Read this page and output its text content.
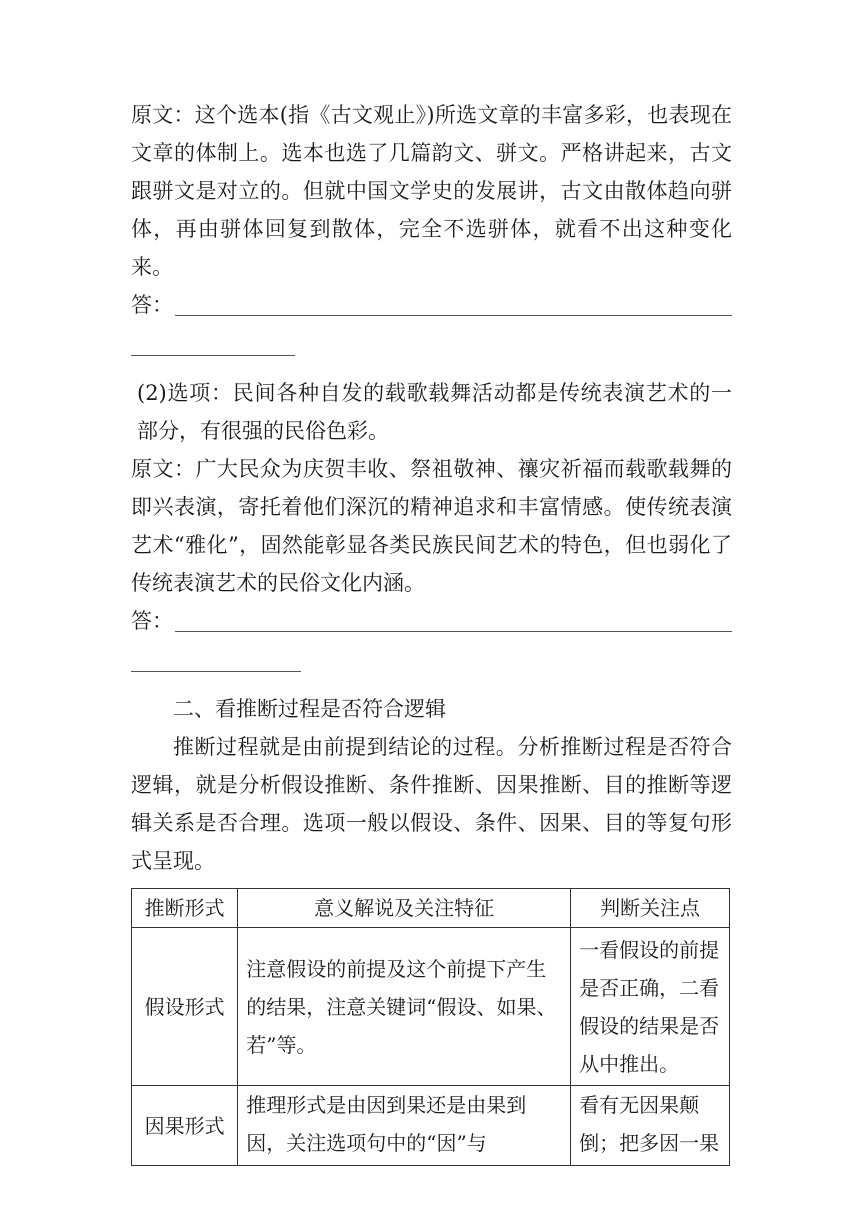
原文：这个选本(指《古文观止》)所选文章的丰富多彩，也表现在文章的体制上。选本也选了几篇韵文、骈文。严格讲起来，古文跟骈文是对立的。但就中国文学史的发展讲，古文由散体趋向骈体，再由骈体回复到散体，完全不选骈体，就看不出这种变化来。

答：

(2)选项：民间各种自发的载歌载舞活动都是传统表演艺术的一部分，有很强的民俗色彩。

原文：广大民众为庆贺丰收、祭祖敬神、禳灾祈福而载歌载舞的即兴表演，寄托着他们深沉的精神追求和丰富情感。使传统表演艺术“雅化”，固然能彰显各类民族民间艺术的特色，但也弱化了传统表演艺术的民俗文化内涵。

答：

二、看推断过程是否符合逻辑

推断过程就是由前提到结论的过程。分析推断过程是否符合逻辑，就是分析假设推断、条件推断、因果推断、目的推断等逻辑关系是否合理。选项一般以假设、条件、因果、目的等复句形式呈现。

推断形式	意义解说及关注特征	判断关注点
假设形式	注意假设的前提及这个前提下产生的结果，注意关键词“假设、如果、若”等。	一看假设的前提是否正确，二看假设的结果是否从中推出。
因果形式	推理形式是由因到果还是由果到因，关注选项句中的“因”与	看有无因果颠倒；把多因一果
